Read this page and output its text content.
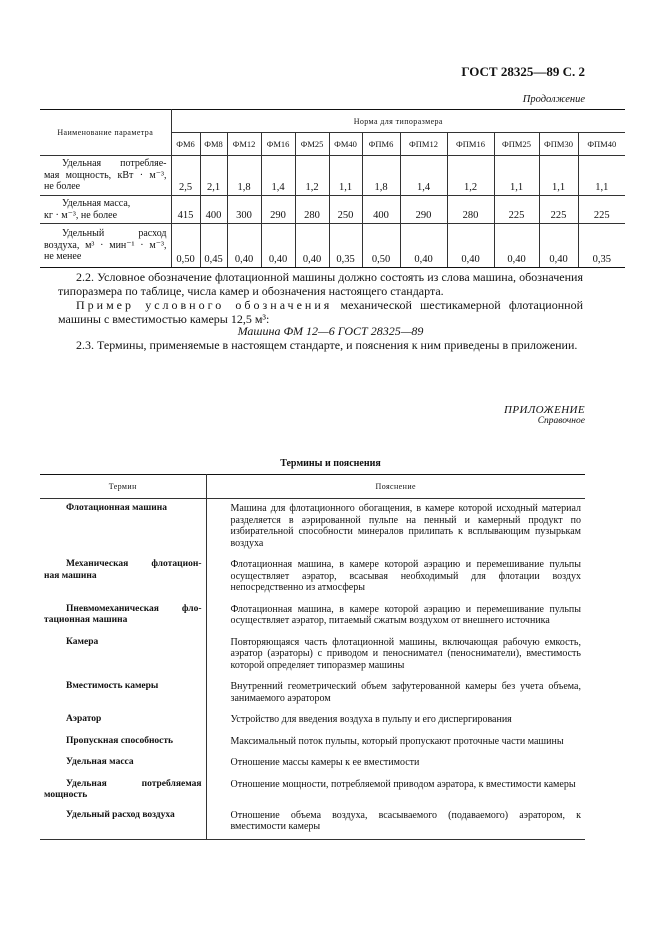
ГОСТ 28325—89 С. 2
Продолжение
Наименование параметра	Норма для типоразмера											
	ФМ6	ФМ8	ФМ12	ФМ16	ФМ25	ФМ40	ФПМ6	ФПМ12	ФПМ16	ФПМ25	ФПМ30	ФПМ40

Удельная потребляе-
мая мощность, кВт · м⁻³,
не более	2,5	2,1	1,8	1,4	1,2	1,1	1,8	1,4	1,2	1,1	1,1	1,1

Удельная масса,
кг · м⁻³, не более	415	400	300	290	280	250	400	290	280	225	225	225

Удельный расход
воздуха, м³ · мин⁻¹ · м⁻³,
не менее	0,50	0,45	0,40	0,40	0,40	0,35	0,50	0,40	0,40	0,40	0,40	0,35
2.2. Условное обозначение флотационной машины должно состоять из слова машина, обозначения типоразмера по таблице, числа камер и обозначения настоящего стандарта.
Пример условного обозначения механической шестикамерной флотационной машины с вместимостью камеры 12,5 м³:
Машина ФМ 12—6 ГОСТ 28325—89
2.3. Термины, применяемые в настоящем стандарте, и пояснения к ним приведены в приложении.
ПРИЛОЖЕНИЕ
Справочное
Термины и пояснения
Термин	Пояснение

Флотационная машина	Машина для флотационного обогащения, в камере которой исходный материал разделяется в аэрированной пульпе на пенный и камерный продукт по избирательной способности минералов прилипать к всплывающим пузырькам воздуха

Механическая флотацион-
ная машина	Флотационная машина, в камере которой аэрацию и перемешивание пульпы осуществляет аэратор, всасывая необходимый для флотации воздух непосредственно из атмосферы

Пневмомеханическая фло-
тационная машина	Флотационная машина, в камере которой аэрацию и перемешивание пульпы осуществляет аэратор, питаемый сжатым воздухом от внешнего источника

Камера	Повторяющаяся часть флотационной машины, включающая рабочую емкость, аэратор (аэраторы) с приводом и пеноснимател (пеносниматели), вместимость которой определяет типоразмер машины

Вместимость камеры	Внутренний геометрический объем зафутерованной камеры без учета объема, занимаемого аэратором

Аэратор	Устройство для введения воздуха в пульпу и его диспергирования

Пропускная способность	Максимальный поток пульпы, который пропускают проточные части машины

Удельная масса	Отношение массы камеры к ее вместимости

Удельная потребляемая
мощность	Отношение мощности, потребляемой приводом аэратора, к вместимости камеры

Удельный расход воздуха	Отношение объема воздуха, всасываемого (подаваемого) аэратором, к вместимости камеры
